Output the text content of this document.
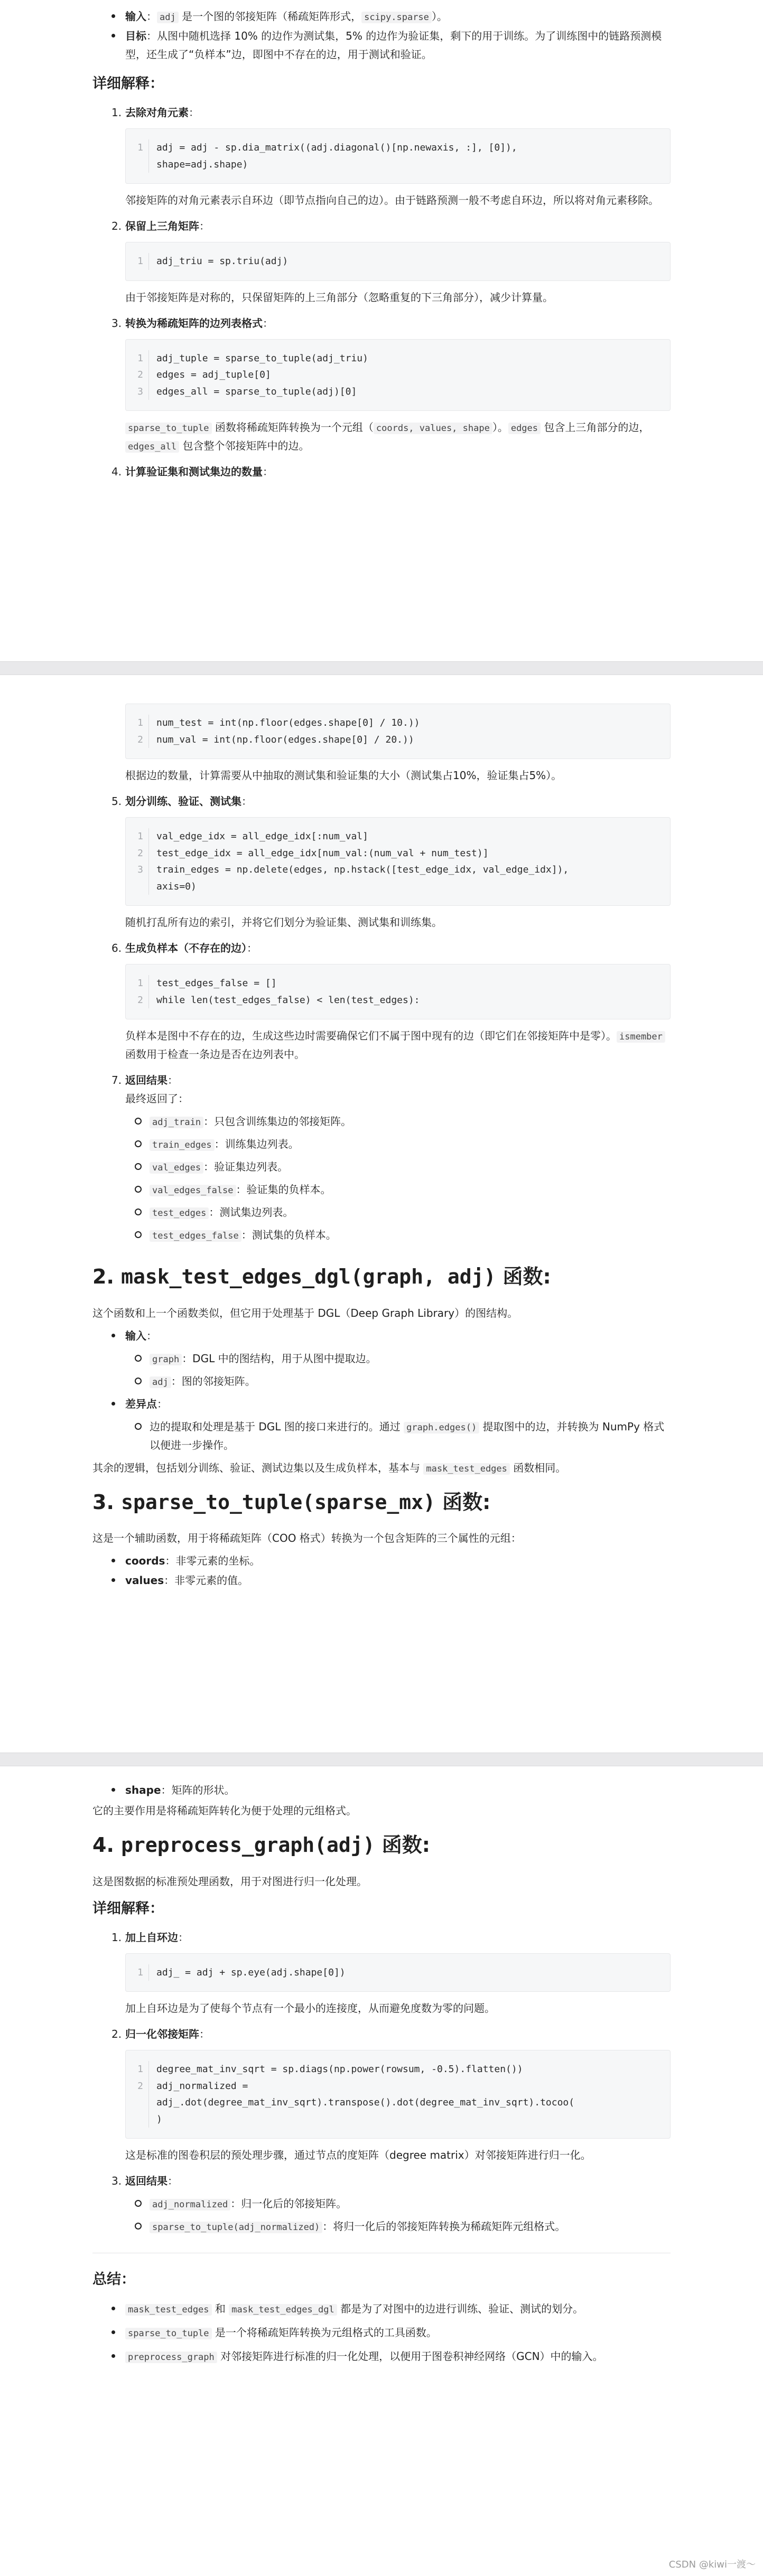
输入： adj 是一个图的邻接矩阵（稀疏矩阵形式， scipy.sparse ）。
目标：从图中随机选择 10% 的边作为测试集，5% 的边作为验证集，剩下的用于训练。为了训练图中的链路预测模型，还生成了“负样本”边，即图中不存在的边，用于测试和验证。
详细解释：
1. 去除对角元素：
1	adj = adj - sp.dia_matrix((adj.diagonal()[np.newaxis, :], [0]),
shape=adj.shape)

邻接矩阵的对角元素表示自环边（即节点指向自己的边）。由于链路预测一般不考虑自环边，所以将对角元素移除。

2. 保留上三角矩阵：
1	adj_triu = sp.triu(adj)

由于邻接矩阵是对称的，只保留矩阵的上三角部分（忽略重复的下三角部分），减少计算量。

3. 转换为稀疏矩阵的边列表格式：
1	adj_tuple = sparse_to_tuple(adj_triu)
2	edges = adj_tuple[0]
3	edges_all = sparse_to_tuple(adj)[0]

sparse_to_tuple 函数将稀疏矩阵转换为一个元组（ coords, values, shape ）。 edges 包含上三角部分的边，edges_all 包含整个邻接矩阵中的边。

4. 计算验证集和测试集边的数量：
1	num_test = int(np.floor(edges.shape[0] / 10.))
2	num_val = int(np.floor(edges.shape[0] / 20.))

根据边的数量，计算需要从中抽取的测试集和验证集的大小（测试集占10%，验证集占5%）。

5. 划分训练、验证、测试集：
1	val_edge_idx = all_edge_idx[:num_val]
2	test_edge_idx = all_edge_idx[num_val:(num_val + num_test)]
3	train_edges = np.delete(edges, np.hstack([test_edge_idx, val_edge_idx]),
axis=0)

随机打乱所有边的索引，并将它们划分为验证集、测试集和训练集。

6. 生成负样本（不存在的边）：
1	test_edges_false = []
2	while len(test_edges_false) < len(test_edges):

负样本是图中不存在的边，生成这些边时需要确保它们不属于图中现有的边（即它们在邻接矩阵中是零）。 ismember 函数用于检查一条边是否在边列表中。

7. 返回结果：
最终返回了：
adj_train ：只包含训练集边的邻接矩阵。
train_edges ：训练集边列表。
val_edges ：验证集边列表。
val_edges_false ：验证集的负样本。
test_edges ：测试集边列表。
test_edges_false ：测试集的负样本。
2. mask_test_edges_dgl(graph, adj) 函数:

这个函数和上一个函数类似，但它用于处理基于 DGL（Deep Graph Library）的图结构。

输入：
graph ：DGL 中的图结构，用于从图中提取边。
adj ：图的邻接矩阵。
差异点：
边的提取和处理是基于 DGL 图的接口来进行的。通过 graph.edges() 提取图中的边，并转换为 NumPy 格式以便进一步操作。

其余的逻辑，包括划分训练、验证、测试边集以及生成负样本，基本与 mask_test_edges 函数相同。

3. sparse_to_tuple(sparse_mx) 函数:

这是一个辅助函数，用于将稀疏矩阵（COO 格式）转换为一个包含矩阵的三个属性的元组：

coords：非零元素的坐标。
values：非零元素的值。
shape：矩阵的形状。

它的主要作用是将稀疏矩阵转化为便于处理的元组格式。

4. preprocess_graph(adj) 函数:

这是图数据的标准预处理函数，用于对图进行归一化处理。

详细解释：
1. 加上自环边：
1	adj_ = adj + sp.eye(adj.shape[0])

加上自环边是为了使每个节点有一个最小的连接度，从而避免度数为零的问题。

2. 归一化邻接矩阵：
1	degree_mat_inv_sqrt = sp.diags(np.power(rowsum, -0.5).flatten())
2	adj_normalized =
adj_.dot(degree_mat_inv_sqrt).transpose().dot(degree_mat_inv_sqrt).tocoo(
)

这是标准的图卷积层的预处理步骤，通过节点的度矩阵（degree matrix）对邻接矩阵进行归一化。

3. 返回结果：
adj_normalized ：归一化后的邻接矩阵。
sparse_to_tuple(adj_normalized) ：将归一化后的邻接矩阵转换为稀疏矩阵元组格式。
总结：
mask_test_edges 和 mask_test_edges_dgl 都是为了对图中的边进行训练、验证、测试的划分。
sparse_to_tuple 是一个将稀疏矩阵转换为元组格式的工具函数。
preprocess_graph 对邻接矩阵进行标准的归一化处理，以便用于图卷积神经网络（GCN）中的输入。
CSDN @kiwi一渡～
